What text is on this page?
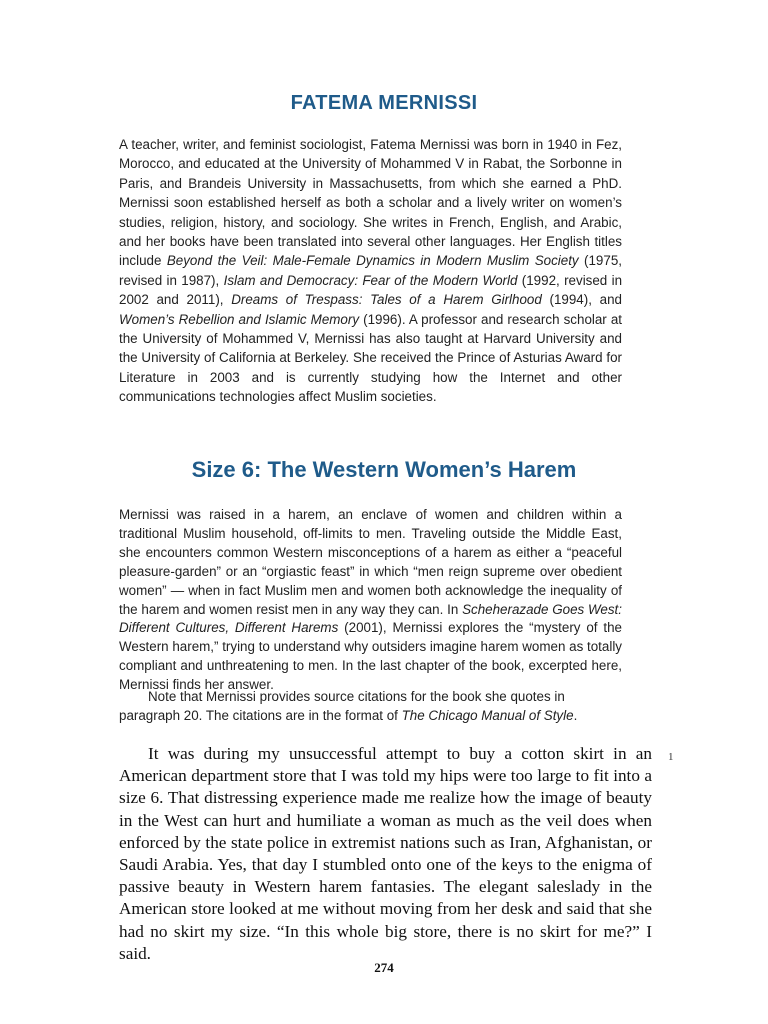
FATEMA MERNISSI

A teacher, writer, and feminist sociologist, Fatema Mernissi was born in 1940 in Fez, Morocco, and educated at the University of Mohammed V in Rabat, the Sorbonne in Paris, and Brandeis University in Massachusetts, from which she earned a PhD. Mernissi soon established herself as both a scholar and a lively writer on women’s studies, religion, history, and sociology. She writes in French, English, and Arabic, and her books have been translated into several other languages. Her English titles include Beyond the Veil: Male-Female Dynamics in Modern Muslim Society (1975, revised in 1987), Islam and Democracy: Fear of the Modern World (1992, revised in 2002 and 2011), Dreams of Trespass: Tales of a Harem Girlhood (1994), and Women’s Rebellion and Islamic Memory (1996). A professor and research scholar at the University of Mohammed V, Mernissi has also taught at Harvard University and the University of California at Berkeley. She received the Prince of Asturias Award for Literature in 2003 and is currently studying how the Internet and other communications technologies affect Muslim societies.

Size 6: The Western Women’s Harem

Mernissi was raised in a harem, an enclave of women and children within a traditional Muslim household, off-limits to men. Traveling outside the Middle East, she encounters common Western misconceptions of a harem as either a “peaceful pleasure-garden” or an “orgiastic feast” in which “men reign supreme over obedient women” — when in fact Muslim men and women both acknowledge the inequality of the harem and women resist men in any way they can. In Scheherazade Goes West: Different Cultures, Different Harems (2001), Mernissi explores the “mystery of the Western harem,” trying to understand why outsiders imagine harem women as totally compliant and unthreatening to men. In the last chapter of the book, excerpted here, Mernissi finds her answer.

Note that Mernissi provides source citations for the book she quotes in paragraph 20. The citations are in the format of The Chicago Manual of Style.

It was during my unsuccessful attempt to buy a cotton skirt in an American department store that I was told my hips were too large to fit into a size 6. That distressing experience made me realize how the image of beauty in the West can hurt and humiliate a woman as much as the veil does when enforced by the state police in extremist nations such as Iran, Afghanistan, or Saudi Arabia. Yes, that day I stumbled onto one of the keys to the enigma of passive beauty in Western harem fantasies. The elegant saleslady in the American store looked at me without moving from her desk and said that she had no skirt my size. “In this whole big store, there is no skirt for me?” I said.

1
274
